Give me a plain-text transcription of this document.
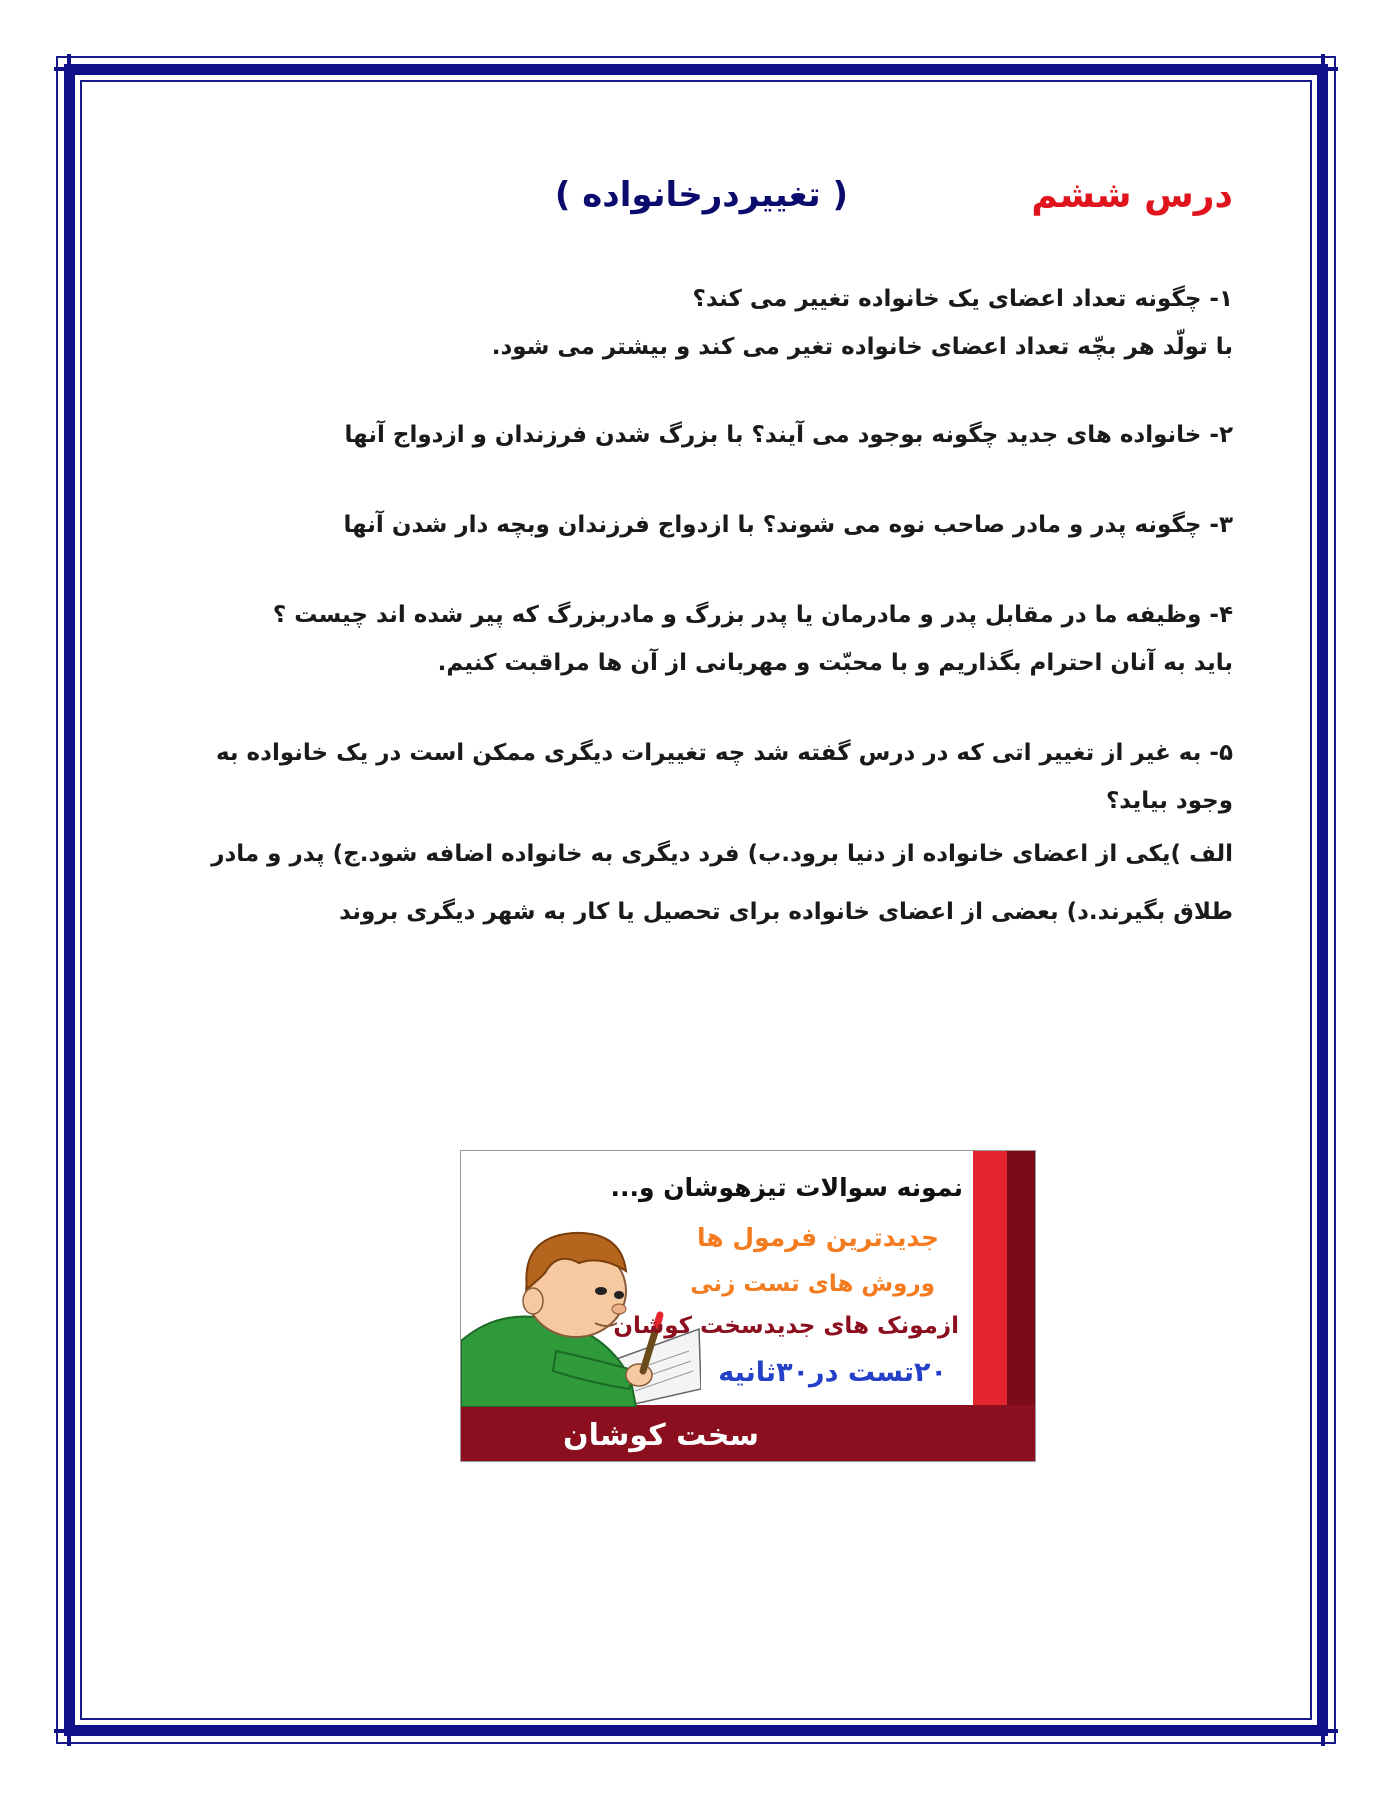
درس ششم
( تغییردرخانواده )

۱- چگونه تعداد اعضای یک خانواده تغییر می کند؟

با تولّد هر بچّه تعداد اعضای خانواده تغیر می کند و بیشتر می شود.

۲- خانواده های جدید چگونه بوجود می آیند؟ با بزرگ شدن فرزندان و ازدواج آنها

۳- چگونه پدر و مادر صاحب نوه می شوند؟ با ازدواج فرزندان وبچه دار شدن آنها

۴- وظیفه ما در مقابل پدر و مادرمان یا پدر بزرگ و مادربزرگ که پیر شده اند چیست ؟

باید به آنان احترام بگذاریم و با محبّت و مهربانی از آن ها مراقبت کنیم.

۵- به غیر از تغییر اتی که در درس گفته شد چه تغییرات دیگری ممکن است در یک خانواده به وجود بیاید؟

الف )یکی از اعضای خانواده از دنیا برود.ب) فرد دیگری به خانواده اضافه شود.ج) پدر و مادر طلاق بگیرند.د) بعضی از اعضای خانواده برای تحصیل یا کار به شهر دیگری بروند

نمونه سوالات تیزهوشان و...
جدیدترین فرمول ها
وروش های تست زنی
ازمونک های جدیدسخت کوشان
۲۰تست در۳۰ثانیه
سخت کوشان
